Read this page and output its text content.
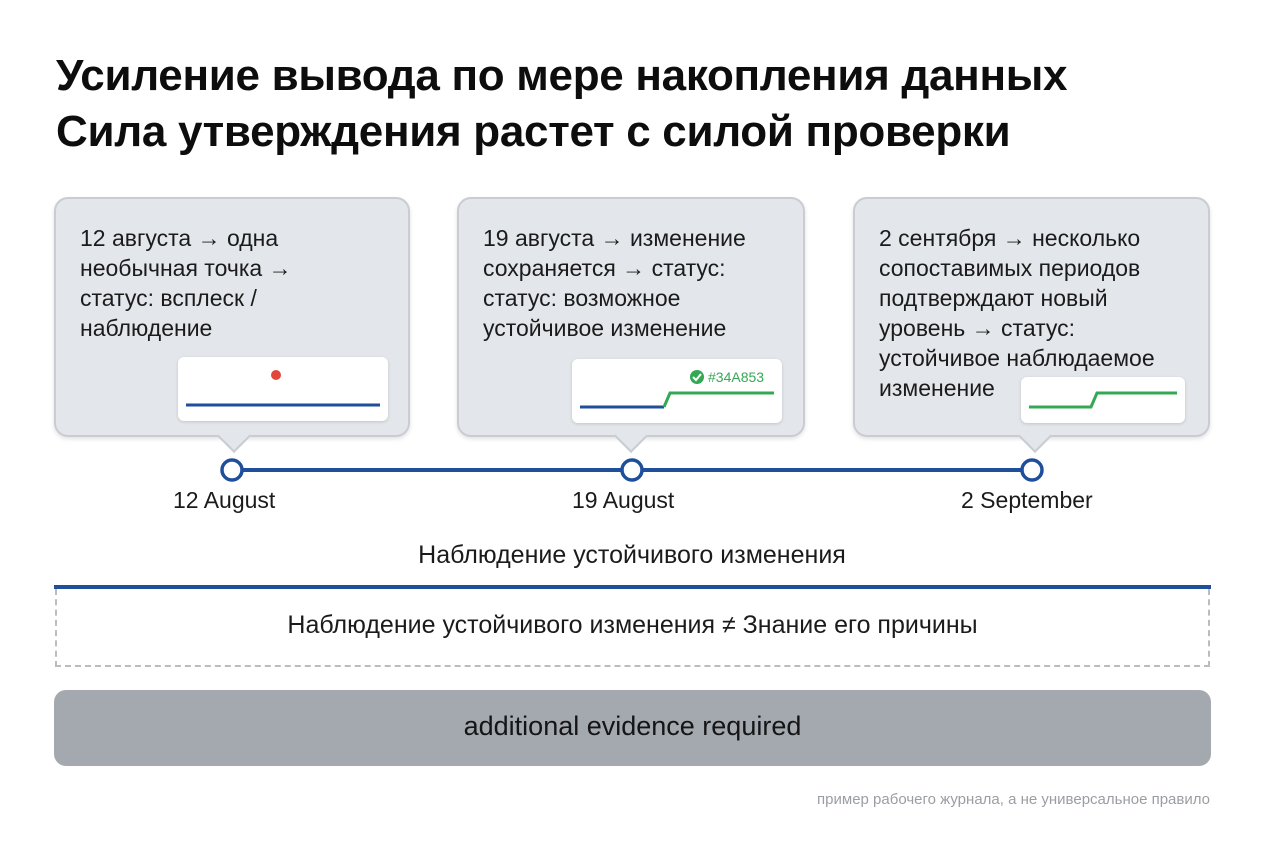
Усиление вывода по мере накопления данных
Сила утверждения растет с силой проверки
12 августа → одна
необычная точка →
статус: всплеск /
наблюдение
19 августа → изменение
сохраняется → статус:
статус: возможное
устойчивое изменение
#34A853
2 сентября → несколько
сопоставимых периодов
подтверждают новый
уровень → статус:
устойчивое наблюдаемое
изменение
12 August	19 August	2 September
Наблюдение устойчивого изменения
Наблюдение устойчивого изменения ≠ Знание его причины
additional evidence required
пример рабочего журнала, а не универсальное правило
